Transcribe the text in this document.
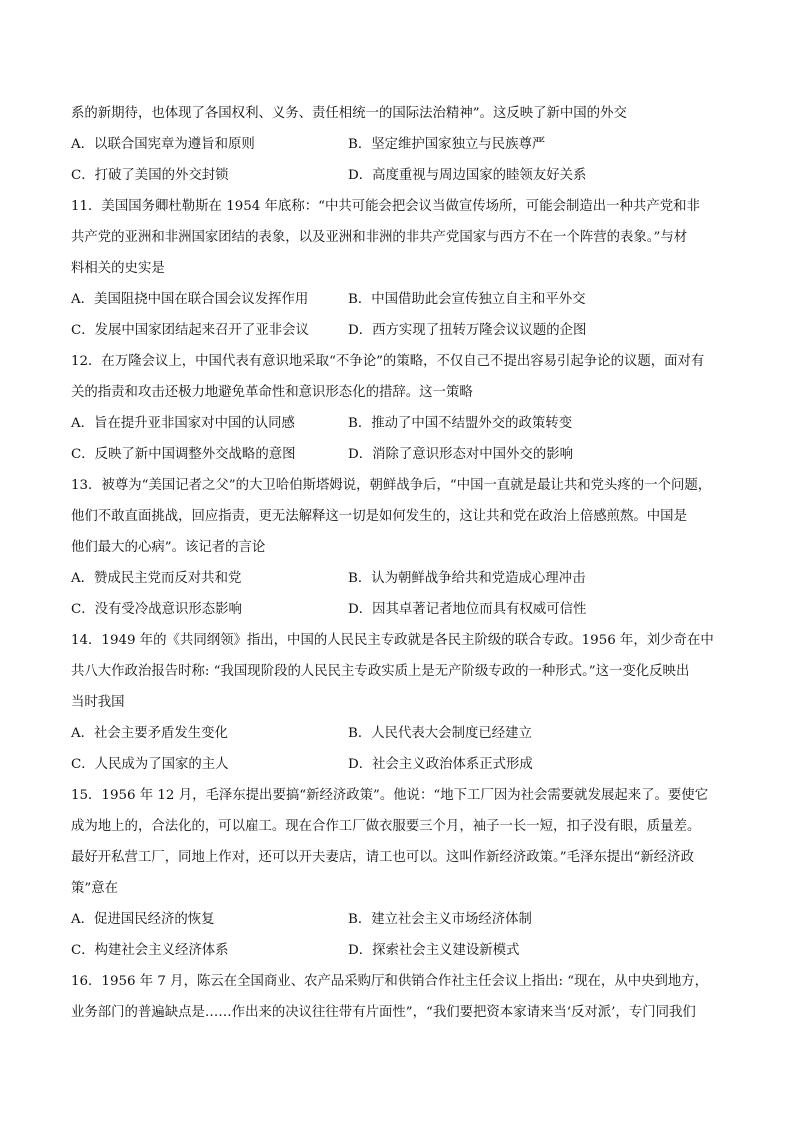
系的新期待，也体现了各国权利、义务、责任相统一的国际法治精神”。这反映了新中国的外交
A．以联合国宪章为遵旨和原则	B．坚定维护国家独立与民族尊严
C．打破了美国的外交封锁	D．高度重视与周边国家的睦领友好关系
11．美国国务卿杜勒斯在 1954 年底称：“中共可能会把会议当做宣传场所，可能会制造出一种共产党和非
共产党的亚洲和非洲国家团结的表象，以及亚洲和非洲的非共产党国家与西方不在一个阵营的表象。”与材
料相关的史实是
A．美国阻挠中国在联合国会议发挥作用	B．中国借助此会宣传独立自主和平外交
C．发展中国家团结起来召开了亚非会议	D．西方实现了扭转万隆会议议题的企图
12．在万隆会议上，中国代表有意识地采取“不争论”的策略，不仅自己不提出容易引起争论的议题，面对有
关的指责和攻击还极力地避免革命性和意识形态化的措辞。这一策略
A．旨在提升亚非国家对中国的认同感	B．推动了中国不结盟外交的政策转变
C．反映了新中国调整外交战略的意图	D．消除了意识形态对中国外交的影响
13．被尊为“美国记者之父”的大卫哈伯斯塔姆说，朝鲜战争后，“中国一直就是最让共和党头疼的一个问题，
他们不敢直面挑战，回应指责，更无法解释这一切是如何发生的，这让共和党在政治上倍感煎熬。中国是
他们最大的心病”。该记者的言论
A．赞成民主党而反对共和党	B．认为朝鲜战争给共和党造成心理冲击
C．没有受冷战意识形态影响	D．因其卓著记者地位而具有权威可信性
14．1949 年的《共同纲领》指出，中国的人民民主专政就是各民主阶级的联合专政。1956 年，刘少奇在中
共八大作政治报告时称: “我国现阶段的人民民主专政实质上是无产阶级专政的一种形式。”这一变化反映出
当时我国
A．社会主要矛盾发生变化	B．人民代表大会制度已经建立
C．人民成为了国家的主人	D．社会主义政治体系正式形成
15．1956 年 12 月，毛泽东提出要搞“新经济政策”。他说：“地下工厂因为社会需要就发展起来了。要使它
成为地上的，合法化的，可以雇工。现在合作工厂做衣服要三个月，袖子一长一短，扣子没有眼，质量差。
最好开私营工厂，同地上作对，还可以开夫妻店，请工也可以。这叫作新经济政策。”毛泽东提出“新经济政
策”意在
A．促进国民经济的恢复	B．建立社会主义市场经济体制
C．构建社会主义经济体系	D．探索社会主义建设新模式
16．1956 年 7 月，陈云在全国商业、农产品采购厅和供销合作社主任会议上指出: “现在，从中央到地方，
业务部门的普遍缺点是……作出来的决议往往带有片面性”，“我们要把资本家请来当‘反对派’，专门同我们
